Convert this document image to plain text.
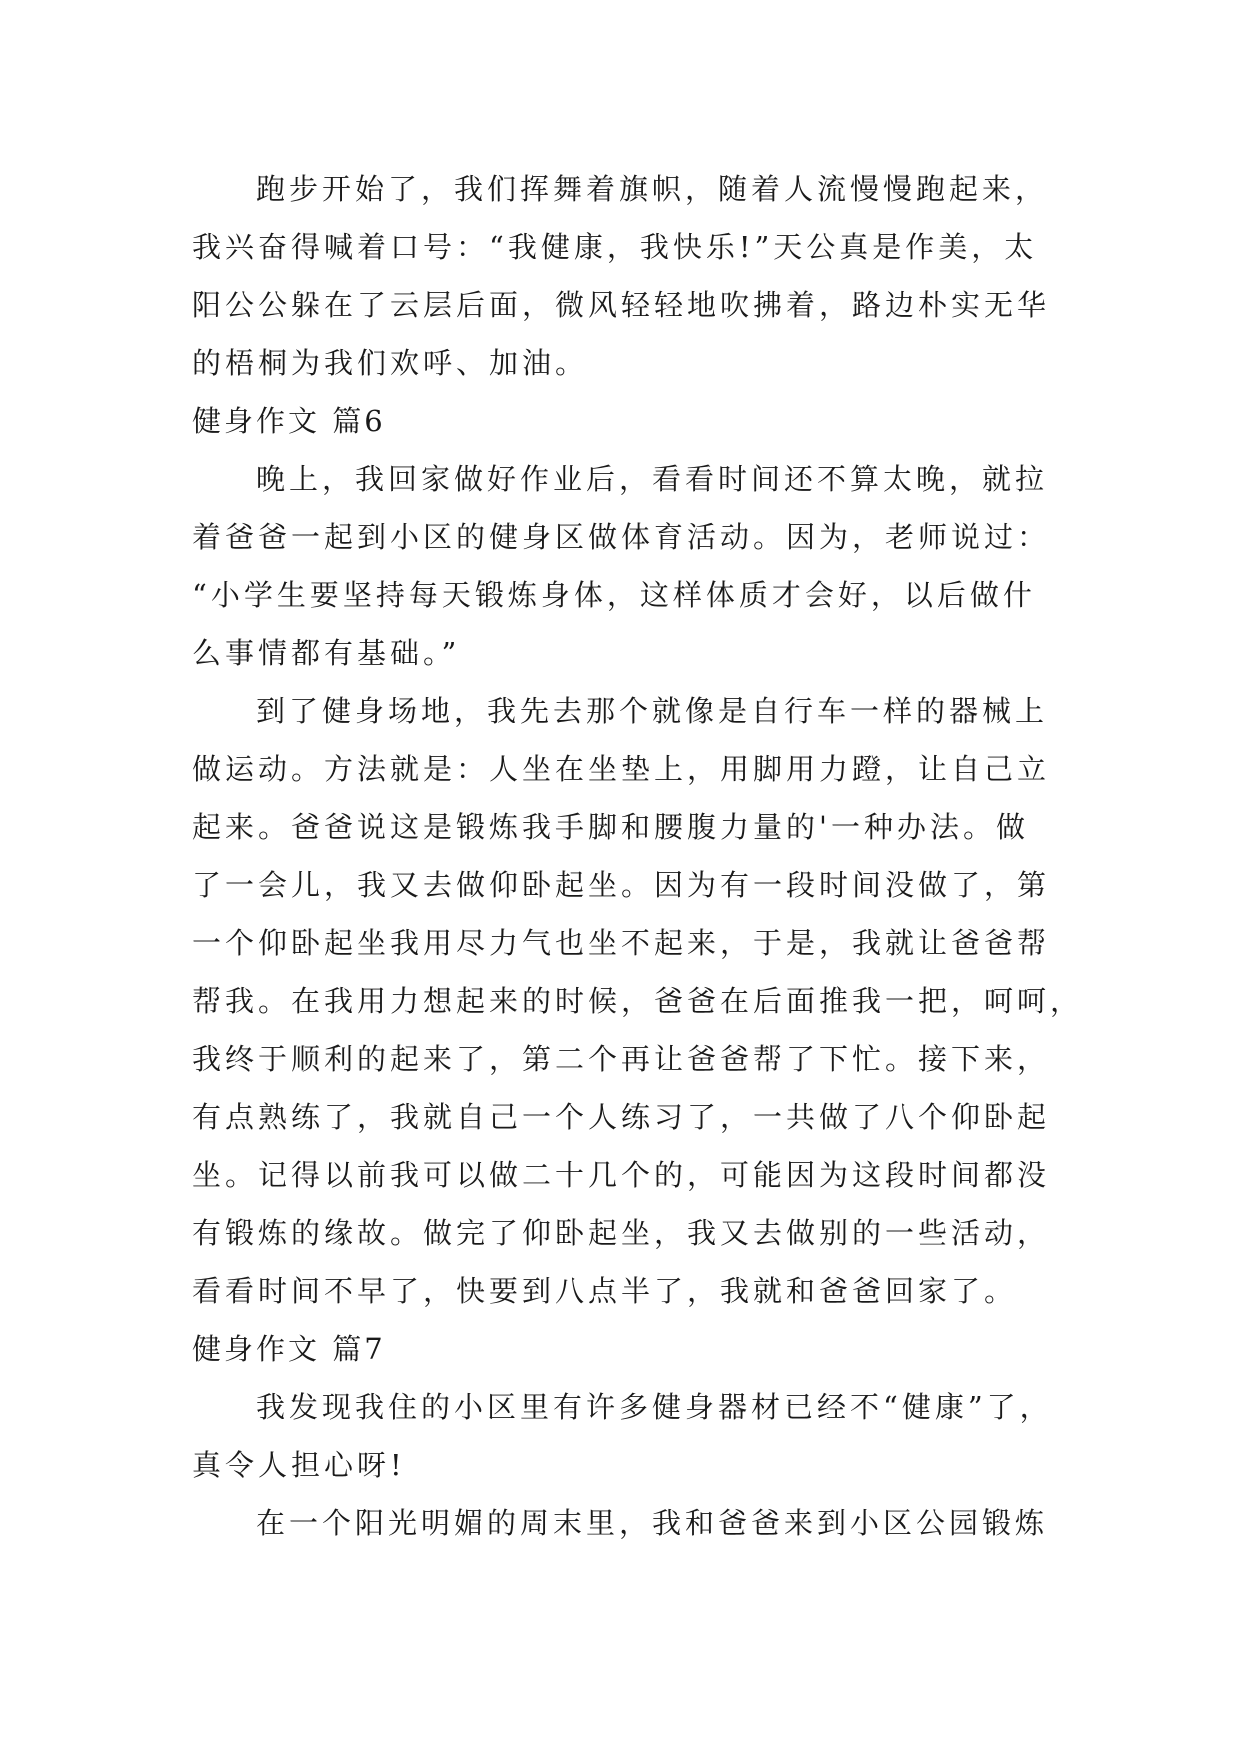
跑步开始了，我们挥舞着旗帜，随着人流慢慢跑起来，
我兴奋得喊着口号：“我健康，我快乐!”天公真是作美，太
阳公公躲在了云层后面，微风轻轻地吹拂着，路边朴实无华
的梧桐为我们欢呼、加油。
健身作文 篇6
晚上，我回家做好作业后，看看时间还不算太晚，就拉
着爸爸一起到小区的健身区做体育活动。因为，老师说过：
“小学生要坚持每天锻炼身体，这样体质才会好，以后做什
么事情都有基础。”
到了健身场地，我先去那个就像是自行车一样的器械上
做运动。方法就是：人坐在坐垫上，用脚用力蹬，让自己立
起来。爸爸说这是锻炼我手脚和腰腹力量的'一种办法。做
了一会儿，我又去做仰卧起坐。因为有一段时间没做了，第
一个仰卧起坐我用尽力气也坐不起来，于是，我就让爸爸帮
帮我。在我用力想起来的时候，爸爸在后面推我一把，呵呵，
我终于顺利的起来了，第二个再让爸爸帮了下忙。接下来，
有点熟练了，我就自己一个人练习了，一共做了八个仰卧起
坐。记得以前我可以做二十几个的，可能因为这段时间都没
有锻炼的缘故。做完了仰卧起坐，我又去做别的一些活动，
看看时间不早了，快要到八点半了，我就和爸爸回家了。
健身作文 篇7
我发现我住的小区里有许多健身器材已经不“健康”了，
真令人担心呀!
在一个阳光明媚的周末里，我和爸爸来到小区公园锻炼
